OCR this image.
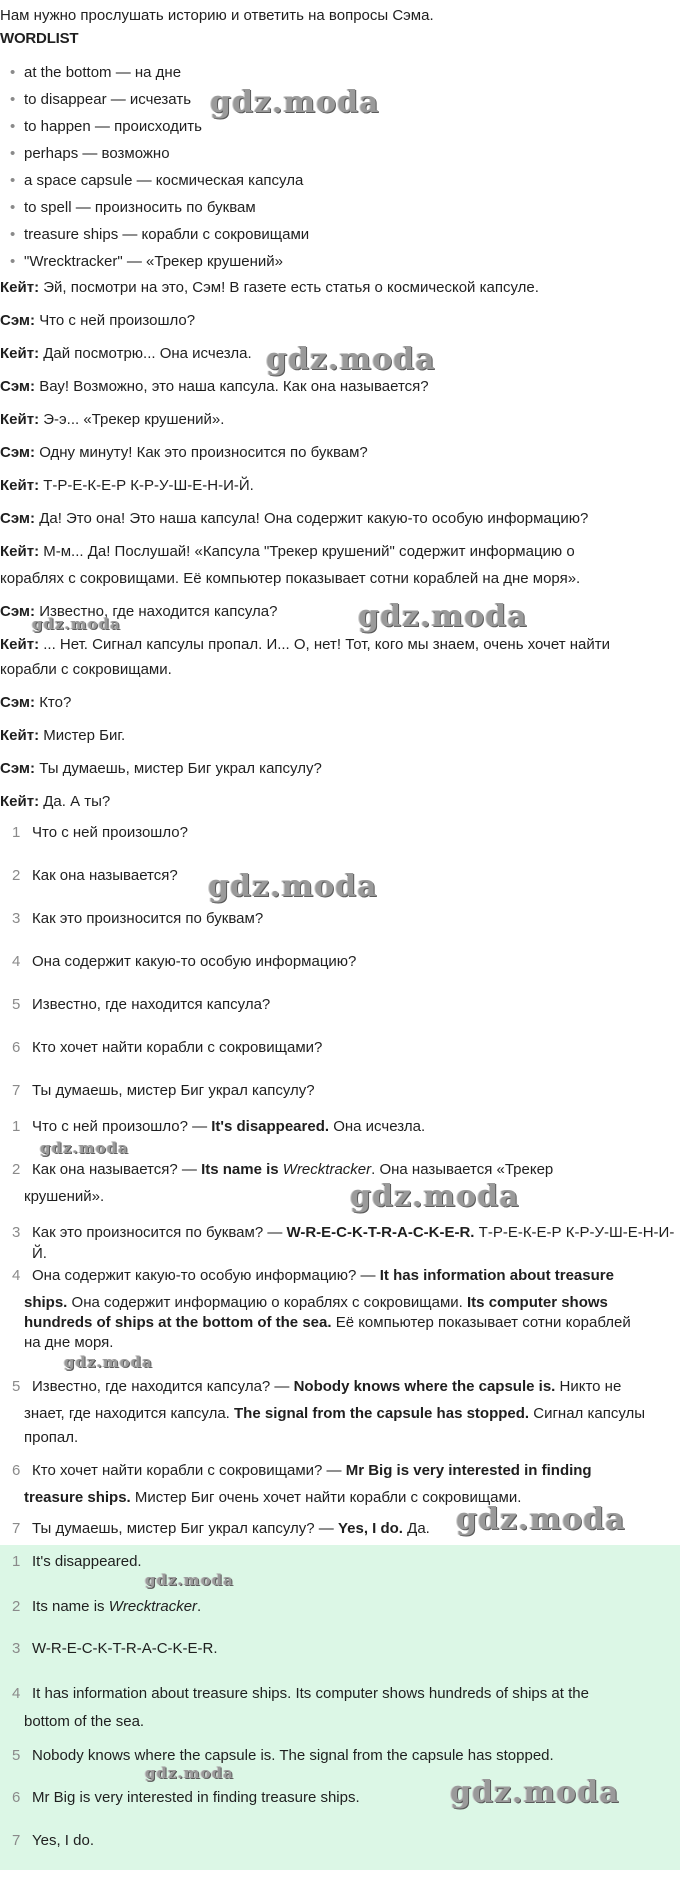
Нам нужно прослушать историю и ответить на вопросы Сэма.
WORDLIST
• at the bottom — на дне
• to disappear — исчезать
• to happen — происходить
• perhaps — возможно
• a space capsule — космическая капсула
• to spell — произносить по буквам
• treasure ships — корабли с сокровищами
• "Wrecktracker" — «Трекер крушений»
Кейт: Эй, посмотри на это, Сэм! В газете есть статья о космической капсуле.
Сэм: Что с ней произошло?
Кейт: Дай посмотрю... Она исчезла.
Сэм: Вау! Возможно, это наша капсула. Как она называется?
Кейт: Э-э... «Трекер крушений».
Сэм: Одну минуту! Как это произносится по буквам?
Кейт: Т-Р-Е-К-Е-Р К-Р-У-Ш-Е-Н-И-Й.
Сэм: Да! Это она! Это наша капсула! Она содержит какую-то особую информацию?
Кейт: М-м... Да! Послушай! «Капсула "Трекер крушений" содержит информацию о
кораблях с сокровищами. Её компьютер показывает сотни кораблей на дне моря».
Сэм: Известно, где находится капсула?
Кейт: ... Нет. Сигнал капсулы пропал. И... О, нет! Тот, кого мы знаем, очень хочет найти
корабли с сокровищами.
Сэм: Кто?
Кейт: Мистер Биг.
Сэм: Ты думаешь, мистер Биг украл капсулу?
Кейт: Да. А ты?
1 Что с ней произошло?
2 Как она называется?
3 Как это произносится по буквам?
4 Она содержит какую-то особую информацию?
5 Известно, где находится капсула?
6 Кто хочет найти корабли с сокровищами?
7 Ты думаешь, мистер Биг украл капсулу?
1 Что с ней произошло? — It's disappeared. Она исчезла.
2 Как она называется? — Its name is Wrecktracker. Она называется «Трекер
крушений».
3 Как это произносится по буквам? — W-R-E-C-K-T-R-A-C-K-E-R. Т-Р-Е-К-Е-Р К-Р-У-Ш-Е-Н-И-Й.
4 Она содержит какую-то особую информацию? — It has information about treasure
ships. Она содержит информацию о кораблях с сокровищами. Its computer shows
hundreds of ships at the bottom of the sea. Её компьютер показывает сотни кораблей
на дне моря.
5 Известно, где находится капсула? — Nobody knows where the capsule is. Никто не
знает, где находится капсула. The signal from the capsule has stopped. Сигнал капсулы
пропал.
6 Кто хочет найти корабли с сокровищами? — Mr Big is very interested in finding
treasure ships. Мистер Биг очень хочет найти корабли с сокровищами.
7 Ты думаешь, мистер Биг украл капсулу? — Yes, I do. Да.
1 It's disappeared.
2 Its name is Wrecktracker.
3 W-R-E-C-K-T-R-A-C-K-E-R.
4 It has information about treasure ships. Its computer shows hundreds of ships at the
bottom of the sea.
5 Nobody knows where the capsule is. The signal from the capsule has stopped.
6 Mr Big is very interested in finding treasure ships.
7 Yes, I do.
gdz.moda
gdz.moda
gdz.moda
gdz.moda
gdz.moda
gdz.moda
gdz.moda
gdz.moda
gdz.moda
gdz.moda
gdz.moda
gdz.moda
